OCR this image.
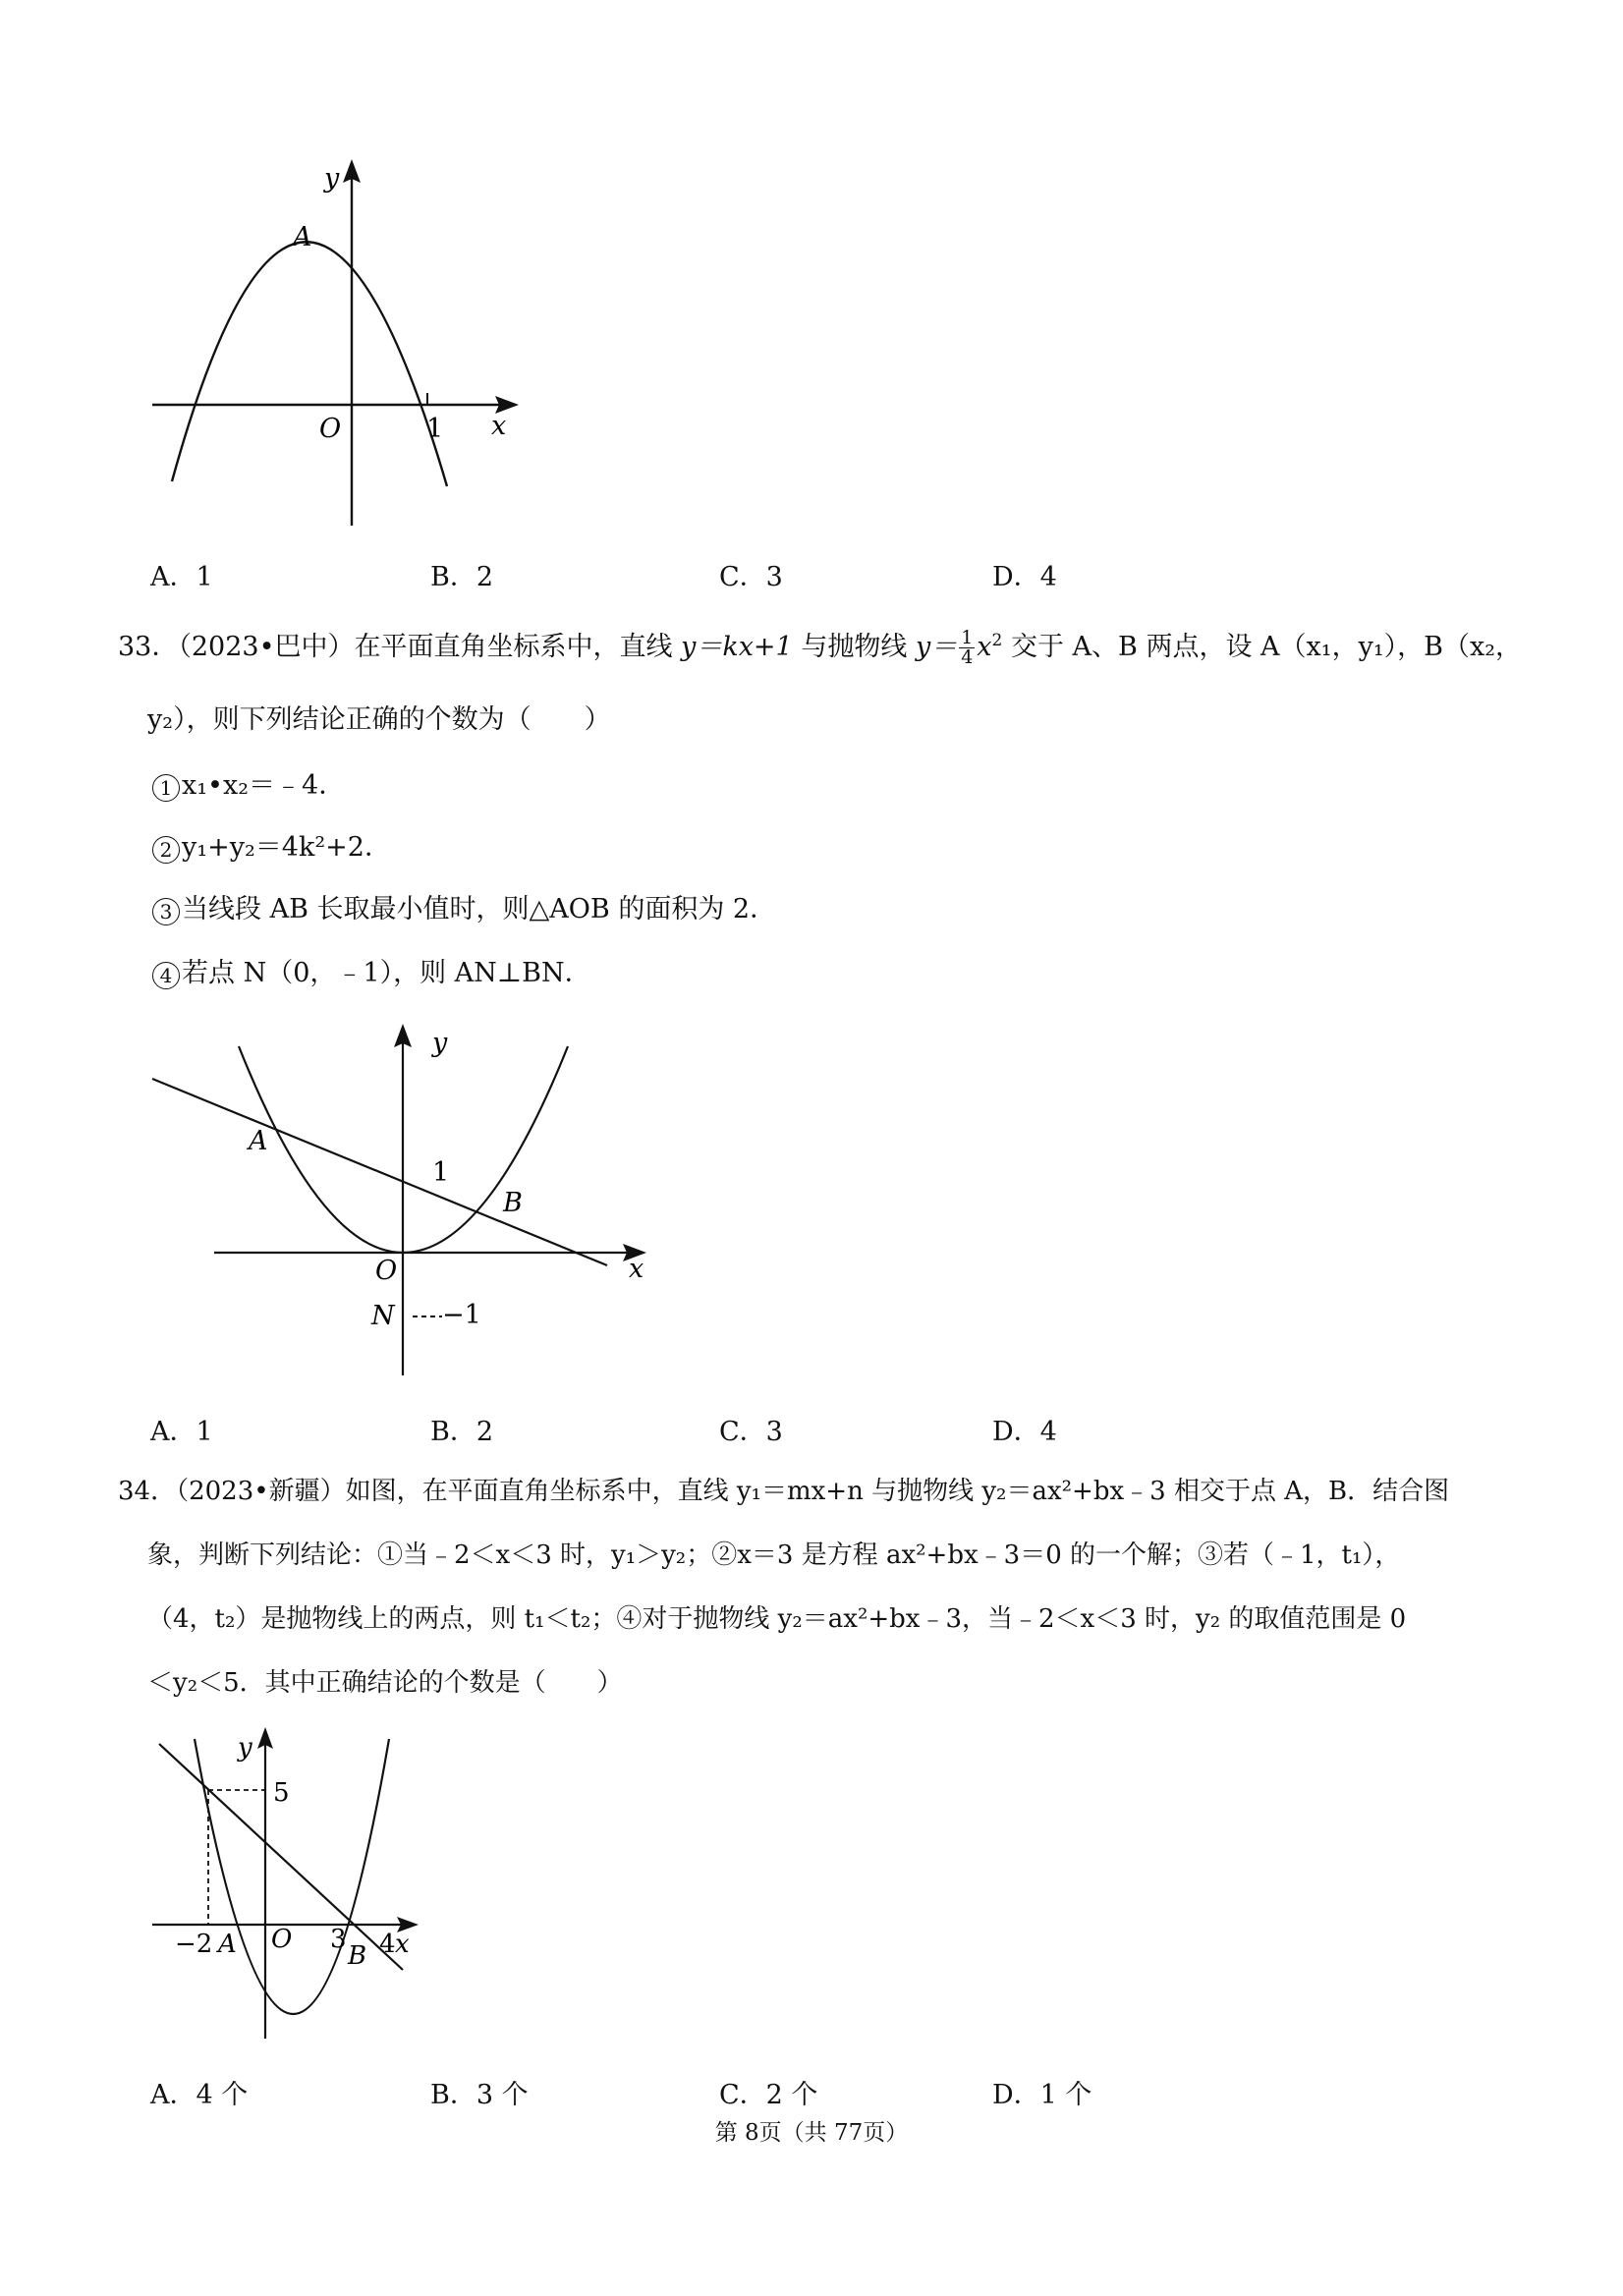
y
x
O
A
1
A．1	B．2	C．3	D．4
33．（2023•巴中）在平面直角坐标系中，直线 y＝kx+1 与抛物线 $y= \frac{1}{4} x^2$ 交于 A、B 两点，设 A（x₁，y₁），B（x₂，
y₂），则下列结论正确的个数为（　　）
1 x₁•x₂＝﹣4．
2 y₁+y₂＝4k²+2．
3 当线段 AB 长取最小值时，则△AOB 的面积为 2．
4 若点 N（0，﹣1），则 AN⊥BN．
y
x
O
A
B
1
N −1
A．1	B．2	C．3	D．4
34．（2023•新疆）如图，在平面直角坐标系中，直线 y₁＝mx+n 与抛物线 y₂＝ax²+bx﹣3 相交于点 A，B．结合图
象，判断下列结论：①当﹣2＜x＜3 时，y₁＞y₂；②x＝3 是方程 ax²+bx﹣3＝0 的一个解；③若（﹣1，t₁），
（4，t₂）是抛物线上的两点，则 t₁＜t₂；④对于抛物线 y₂＝ax²+bx﹣3，当﹣2＜x＜3 时，y₂ 的取值范围是 0
＜y₂＜5．其中正确结论的个数是（　　）
y
x
O
5
−2 A	3
B 4
A．4 个	B．3 个	C．2 个	D．1 个
第 8页（共 77页）
